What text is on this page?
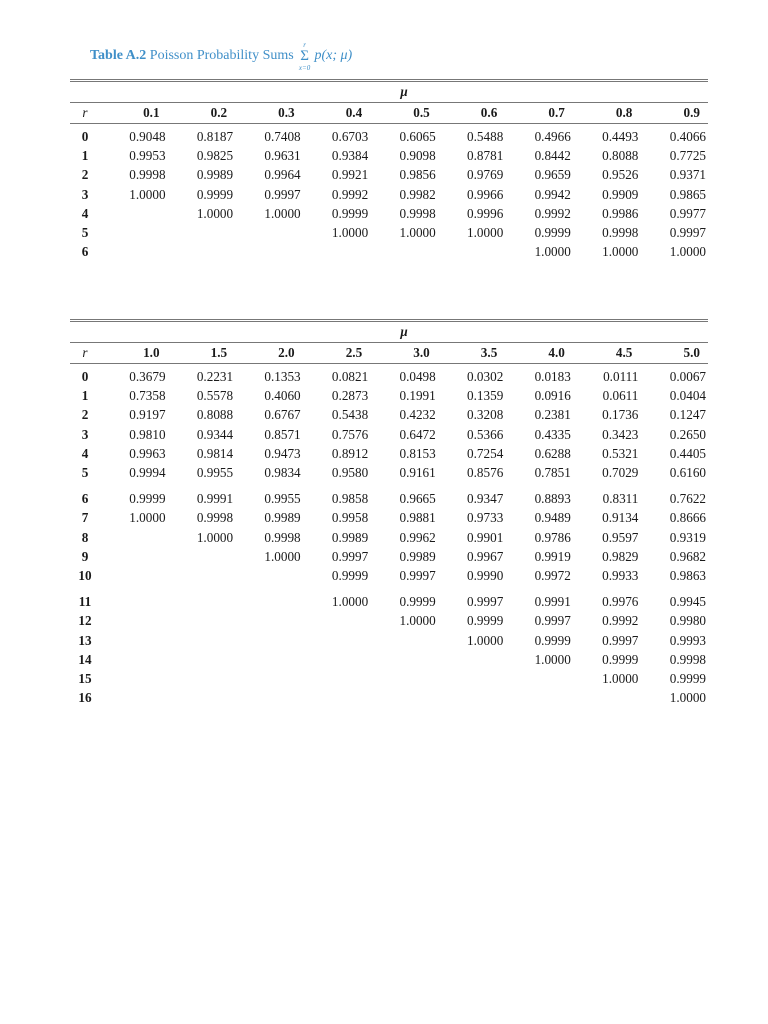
Table A.2 Poisson Probability Sums Σ
r
x=0
p(x; μ)
	μ								
r	0.1	0.2	0.3	0.4	0.5	0.6	0.7	0.8	0.9
0	0.9048	0.8187	0.7408	0.6703	0.6065	0.5488	0.4966	0.4493	0.4066
1	0.9953	0.9825	0.9631	0.9384	0.9098	0.8781	0.8442	0.8088	0.7725
2	0.9998	0.9989	0.9964	0.9921	0.9856	0.9769	0.9659	0.9526	0.9371
3	1.0000	0.9999	0.9997	0.9992	0.9982	0.9966	0.9942	0.9909	0.9865
4		1.0000	1.0000	0.9999	0.9998	0.9996	0.9992	0.9986	0.9977
5				1.0000	1.0000	1.0000	0.9999	0.9998	0.9997
6							1.0000	1.0000	1.0000
	μ								
r	1.0	1.5	2.0	2.5	3.0	3.5	4.0	4.5	5.0
0	0.3679	0.2231	0.1353	0.0821	0.0498	0.0302	0.0183	0.0111	0.0067
1	0.7358	0.5578	0.4060	0.2873	0.1991	0.1359	0.0916	0.0611	0.0404
2	0.9197	0.8088	0.6767	0.5438	0.4232	0.3208	0.2381	0.1736	0.1247
3	0.9810	0.9344	0.8571	0.7576	0.6472	0.5366	0.4335	0.3423	0.2650
4	0.9963	0.9814	0.9473	0.8912	0.8153	0.7254	0.6288	0.5321	0.4405
5	0.9994	0.9955	0.9834	0.9580	0.9161	0.8576	0.7851	0.7029	0.6160
6	0.9999	0.9991	0.9955	0.9858	0.9665	0.9347	0.8893	0.8311	0.7622
7	1.0000	0.9998	0.9989	0.9958	0.9881	0.9733	0.9489	0.9134	0.8666
8		1.0000	0.9998	0.9989	0.9962	0.9901	0.9786	0.9597	0.9319
9			1.0000	0.9997	0.9989	0.9967	0.9919	0.9829	0.9682
10				0.9999	0.9997	0.9990	0.9972	0.9933	0.9863
11				1.0000	0.9999	0.9997	0.9991	0.9976	0.9945
12					1.0000	0.9999	0.9997	0.9992	0.9980
13						1.0000	0.9999	0.9997	0.9993
14							1.0000	0.9999	0.9998
15								1.0000	0.9999
16									1.0000
